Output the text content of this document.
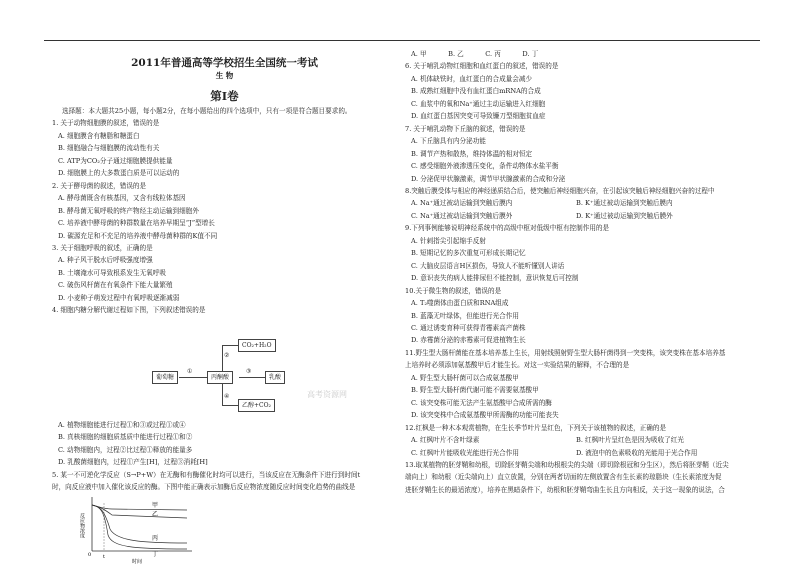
2011年普通高等学校招生全国统一考试
生 物
第Ⅰ卷
选择题：本大题共25小题，每小题2分，在每小题给出的四个选项中，只有一项是符合题目要求的。
1. 关于动物细胞膜的叙述，错误的是
A. 细胞膜含有糖脂和糖蛋白
B. 细胞融合与细胞膜的流动性有关
C. ATP为CO₂分子通过细胞膜提供能量
D. 细胞膜上的大多数蛋白质是可以运动的
2. 关于酵母菌的叙述，错误的是
A. 酵母菌既含有核基因，又含有线粒体基因
B. 酵母菌无氧呼吸的终产物经主动运输到细胞外
C. 培养液中酵母菌的种群数量在培养早期呈“J”型增长
D. 碳源充足和不充足的培养液中酵母菌种群的K值不同
3. 关于细胞呼吸的叙述，正确的是
A. 种子风干脱水后呼吸强度增强
B. 土壤淹水可导致根系发生无氧呼吸
C. 破伤风杆菌在有氧条件下能大量繁殖
D. 小麦种子萌发过程中有氧呼吸逐渐减弱
4. 细胞内糖分解代谢过程如下图，下列叙述错误的是
葡萄糖
①
丙酮酸
②
CO₂+H₂O
③
乳酸
④
乙醇+CO₂
高考资源网
A. 植物细胞能进行过程①和③或过程①或④
B. 真核细胞的细胞质基质中能进行过程①和②
C. 动物细胞内，过程②比过程①释放的能量多
D. 乳酸菌细胞内，过程①产生[H]，过程③消耗[H]
5. 某一不可逆化学反应（S→P+W）在无酶和有酶催化时均可以进行，当该反应在无酶条件下进行到时间t
时，向反应液中加入催化该反应的酶。下图中能正确表示加酶后反应物浓度随反应时间变化趋势的曲线是
甲
乙
丙
丁
0 t
时间
反应物浓度
A. 甲	B. 乙	C. 丙	D. 丁
6. 关于哺乳动物红细胞和血红蛋白的叙述，错误的是
A. 机体缺铁时，血红蛋白的合成量会减少
B. 成熟红细胞中没有血红蛋白mRNA的合成
C. 血浆中的氧和Na⁺通过主动运输进入红细胞
D. 血红蛋白基因突变可导致镰刀型细胞贫血症
7. 关于哺乳动物下丘脑的叙述，错误的是
A. 下丘脑具有内分泌功能
B. 调节产热和散热，维持体温的相对恒定
C. 感受细胞外液渗透压变化，条件动物体水盐平衡
D. 分泌促甲状腺激素，调节甲状腺激素的合成和分泌
8.突触后膜受体与相应的神经递质结合后，使突触后神经细胞兴奋，在引起该突触后神经细胞兴奋的过程中
A. Na⁺通过被动运输到突触后膜内	B. K⁺通过被动运输到突触后膜内
C. Na⁺通过被动运输到突触后膜外	D. K⁺通过被动运输到突触后膜外
9.下列事例能够说明神经系统中的高级中枢对低级中枢有控制作用的是
A. 针刺指尖引起缩手反射
B. 短期记忆的多次重复可形成长期记忆
C. 大脑皮层语言H区损伤，导致人不能听懂别人讲话
D. 意识丧失的病人能排尿但不能控制，意识恢复后可控制
10.关于微生物的叙述，错误的是
A. T₂噬菌体由蛋白质和RNA组成
B. 蓝藻无叶绿体，但能进行光合作用
C. 通过诱变育种可获得青霉素高产菌株
D. 赤霉菌分泌的赤霉素可促进植物生长
11.野生型大肠杆菌能在基本培养基上生长，用射线照射野生型大肠杆菌得到一突变株，该突变株在基本培养基
上培养时必须添加氨基酸甲后才能生长。对这一实验结果的解释，不合理的是
A. 野生型大肠杆菌可以合成氨基酸甲
B. 野生型大肠杆菌代谢可能不需要氨基酸甲
C. 该突变株可能无法产生氨基酸甲合成所需的酶
D. 该突变株中合成氨基酸甲所需酶的功能可能丧失
12.红枫是一种木本观赏植物，在生长季节叶片呈红色，下列关于该植物的叙述，正确的是
A. 红枫叶片不含叶绿素	B. 红枫叶片呈红色是因为吸收了红光
C. 红枫叶片能吸收光能进行光合作用	D. 液泡中的色素吸收的光能用于光合作用
13.取某植物的胚芽鞘和幼根，切除胚芽鞘尖端和幼根根尖的尖端（即切除根冠和分生区），然后将胚芽鞘（近尖
端向上）和幼根（近尖端向上）直立放置，分别在两者切面的左侧放置含有生长素的琼脂块（生长素浓度为促
进胚芽鞘生长的最适浓度），培养在黑暗条件下，幼根和胚芽鞘弯曲生长且方向相反，关于这一现象的说法，合
